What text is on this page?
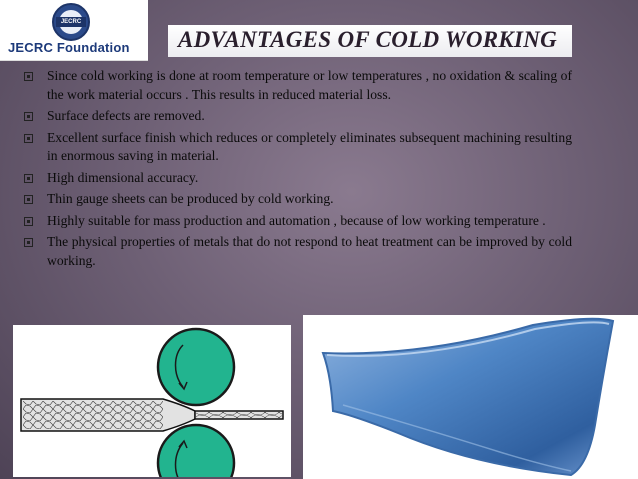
JECRC
JECRC Foundation	ADVANTAGES OF COLD WORKING
Since cold working is done at room temperature or low temperatures , no oxidation & scaling of the work material occurs . This results in reduced material loss.
Surface defects are removed.
Excellent surface finish which reduces or completely eliminates subsequent machining resulting in enormous saving in material.
High dimensional accuracy.
Thin gauge sheets can be produced by cold working.
Highly suitable for mass production and automation , because of low working temperature .
The physical properties of metals that do not respond to heat treatment can be improved by cold working.
